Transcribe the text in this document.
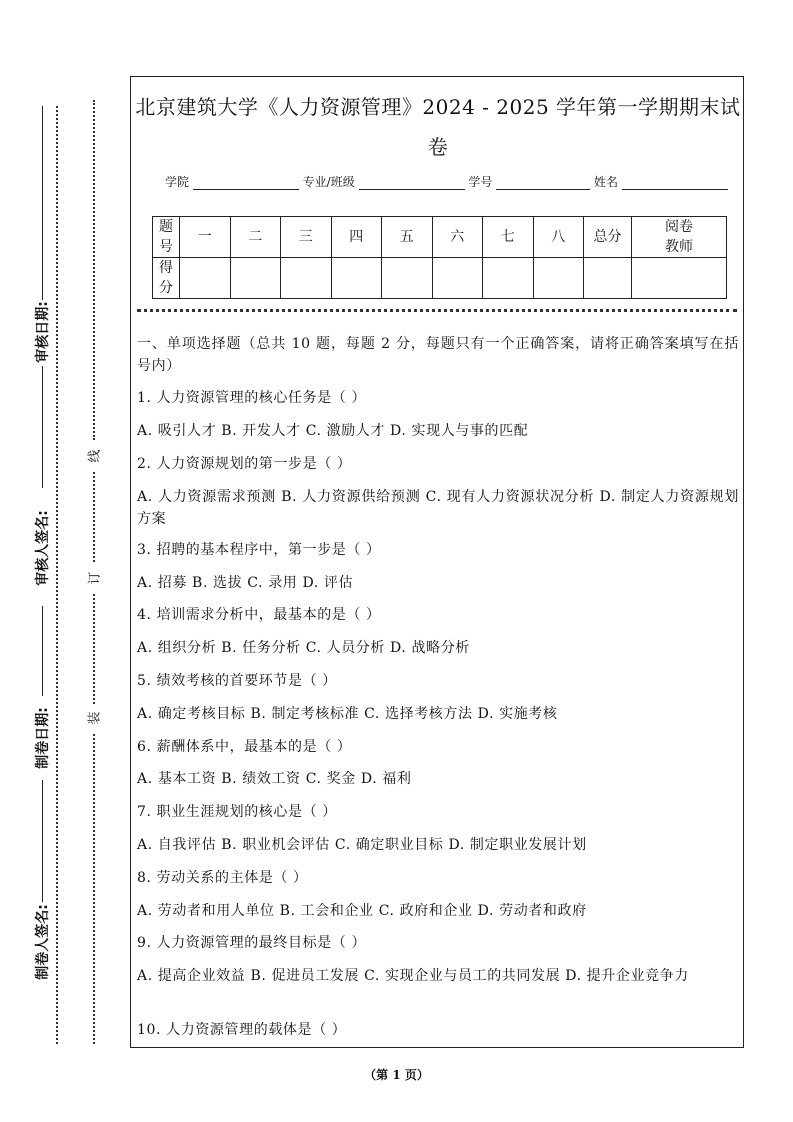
审核日期:
审核人签名:
制卷日期:
制卷人签名:
线
订
装
北京建筑大学《人力资源管理》2024 - 2025 学年第一学期期末试
卷
学院	专业/班级	学号	姓名
题号	一	二	三	四	五	六	七	八	总分	阅卷教师
得分										

一、单项选择题（总共 10 题，每题 2 分，每题只有一个正确答案，请将正确答案填写在括号内）

1. 人力资源管理的核心任务是（ ）

A. 吸引人才 B. 开发人才 C. 激励人才 D. 实现人与事的匹配

2. 人力资源规划的第一步是（ ）

A. 人力资源需求预测 B. 人力资源供给预测 C. 现有人力资源状况分析 D. 制定人力资源规划方案

3. 招聘的基本程序中，第一步是（ ）

A. 招募 B. 选拔 C. 录用 D. 评估

4. 培训需求分析中，最基本的是（ ）

A. 组织分析 B. 任务分析 C. 人员分析 D. 战略分析

5. 绩效考核的首要环节是（ ）

A. 确定考核目标 B. 制定考核标准 C. 选择考核方法 D. 实施考核

6. 薪酬体系中，最基本的是（ ）

A. 基本工资 B. 绩效工资 C. 奖金 D. 福利

7. 职业生涯规划的核心是（ ）

A. 自我评估 B. 职业机会评估 C. 确定职业目标 D. 制定职业发展计划

8. 劳动关系的主体是（ ）

A. 劳动者和用人单位 B. 工会和企业 C. 政府和企业 D. 劳动者和政府

9. 人力资源管理的最终目标是（ ）

A. 提高企业效益 B. 促进员工发展 C. 实现企业与员工的共同发展 D. 提升企业竞争力

10. 人力资源管理的载体是（ ）

（第 1 页）
